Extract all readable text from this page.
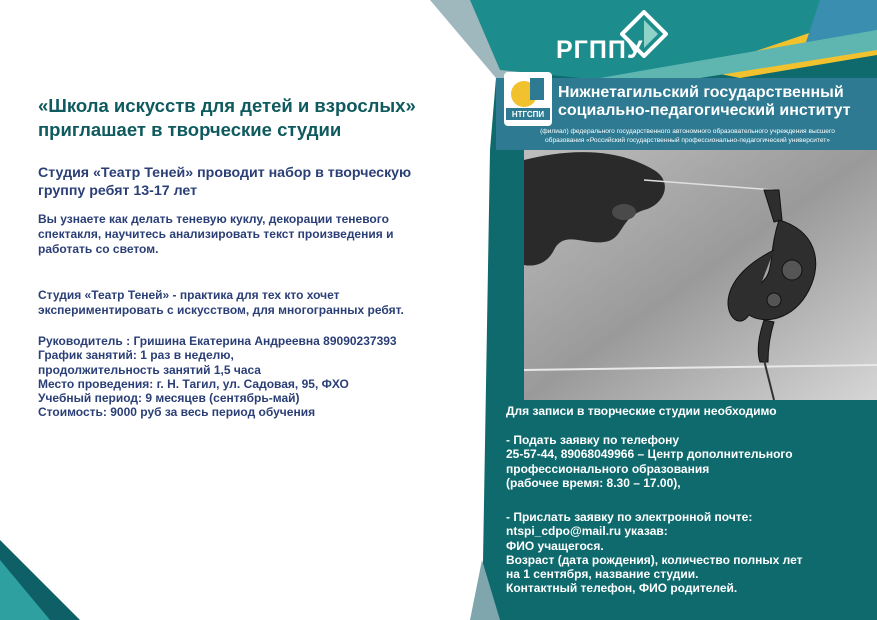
«Школа искусств для детей и взрослых»
приглашает в творческие студии
Студия «Театр Теней» проводит набор в творческую
группу ребят 13-17 лет

Вы узнаете как делать теневую куклу, декорации теневого
спектакля, научитесь анализировать текст произведения и
работать со светом.

Студия «Театр Теней» - практика для тех кто хочет
экспериментировать с искусством, для многогранных ребят.

Руководитель : Гришина Екатерина Андреевна 89090237393
График занятий: 1 раз в неделю,
продолжительность занятий 1,5 часа
Место проведения: г. Н. Тагил, ул. Садовая, 95, ФХО
Учебный период: 9 месяцев (сентябрь-май)
Стоимость: 9000 руб за весь период обучения
РГППУ
НТГСПИ

Нижнетагильский государственный
социально-педагогический институт

(филиал) федерального государственного автономного образовательного учреждения высшего
образования «Российский государственный профессионально-педагогический университет»

Для записи в творческие студии необходимо

- Подать заявку по телефону
25-57-44, 89068049966 – Центр дополнительного
профессионального образования
(рабочее время: 8.30 – 17.00),
- Прислать заявку по электронной почте:
ntspi_cdpo@mail.ru указав:
ФИО учащегося.
Возраст (дата рождения), количество полных лет
на 1 сентября, название студии.
Контактный телефон, ФИО родителей.
